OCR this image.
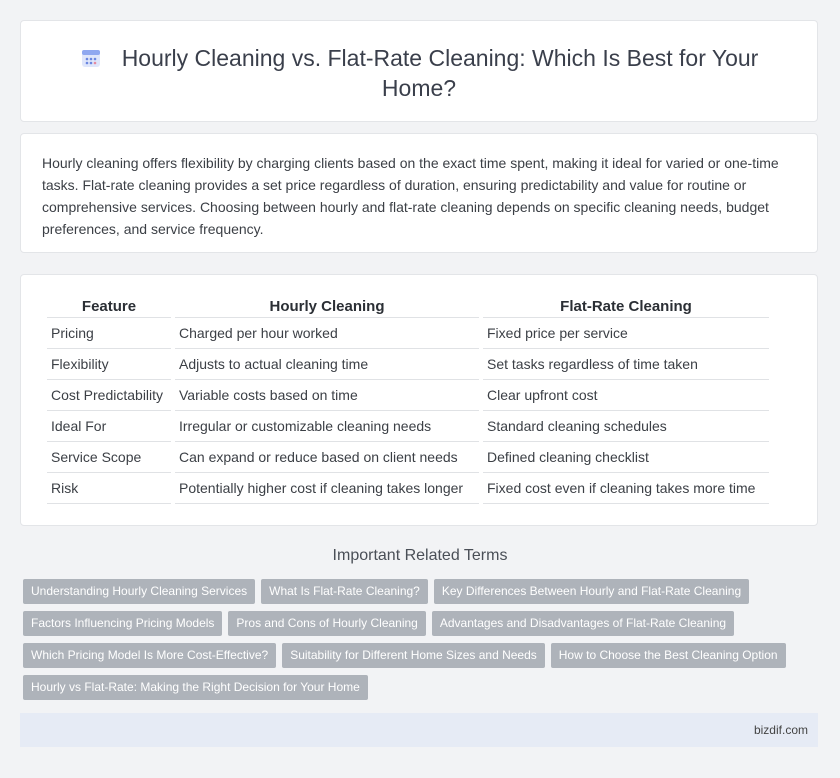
Hourly Cleaning vs. Flat-Rate Cleaning: Which Is Best for Your Home?

Hourly cleaning offers flexibility by charging clients based on the exact time spent, making it ideal for varied or one-time tasks. Flat-rate cleaning provides a set price regardless of duration, ensuring predictability and value for routine or comprehensive services. Choosing between hourly and flat-rate cleaning depends on specific cleaning needs, budget preferences, and service frequency.

Feature	Hourly Cleaning	Flat-Rate Cleaning
Pricing	Charged per hour worked	Fixed price per service
Flexibility	Adjusts to actual cleaning time	Set tasks regardless of time taken
Cost Predictability	Variable costs based on time	Clear upfront cost
Ideal For	Irregular or customizable cleaning needs	Standard cleaning schedules
Service Scope	Can expand or reduce based on client needs	Defined cleaning checklist
Risk	Potentially higher cost if cleaning takes longer	Fixed cost even if cleaning takes more time
Important Related Terms
Understanding Hourly Cleaning Services What Is Flat-Rate Cleaning? Key Differences Between Hourly and Flat-Rate Cleaning
Factors Influencing Pricing Models Pros and Cons of Hourly Cleaning Advantages and Disadvantages of Flat-Rate Cleaning
Which Pricing Model Is More Cost-Effective? Suitability for Different Home Sizes and Needs How to Choose the Best Cleaning Option
Hourly vs Flat-Rate: Making the Right Decision for Your Home
bizdif.com
